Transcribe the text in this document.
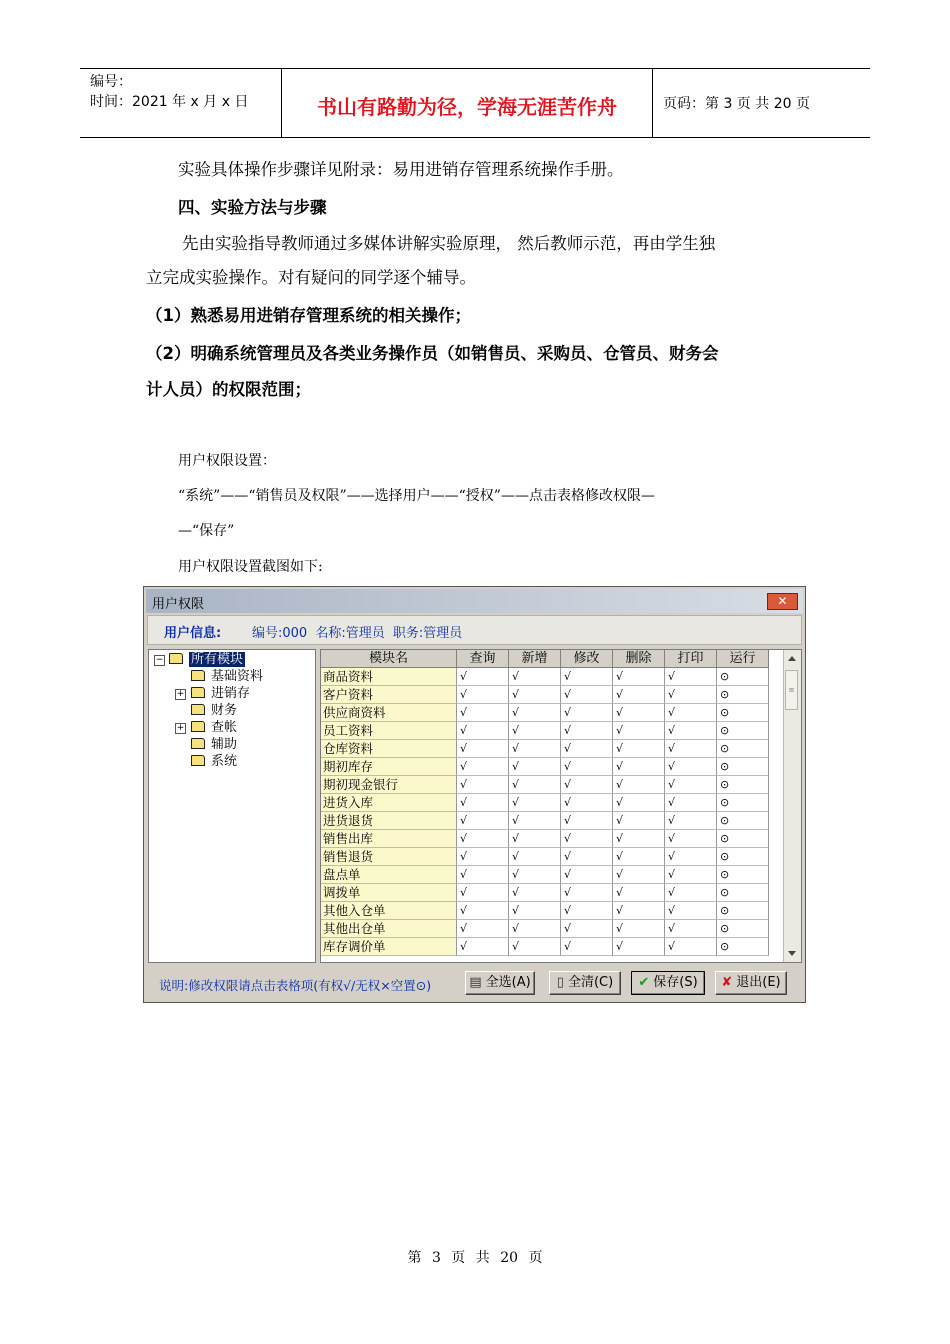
编号：
时间：2021 年 x 月 x 日	书山有路勤为径，学海无涯苦作舟	页码：第 3 页 共 20 页
实验具体操作步骤详见附录：易用进销存管理系统操作手册。
四、实验方法与步骤
先由实验指导教师通过多媒体讲解实验原理， 然后教师示范，再由学生独
立完成实验操作。对有疑问的同学逐个辅导。
（1）熟悉易用进销存管理系统的相关操作；
（2）明确系统管理员及各类业务操作员（如销售员、采购员、仓管员、财务会
计人员）的权限范围；
用户权限设置：
“系统”——“销售员及权限”——选择用户——“授权”——点击表格修改权限—
—“保存”
用户权限设置截图如下:
用户权限	✕
用户信息: 编号:000 名称:管理员 职务:管理员
−	所有模块
基础资料
+	进销存
财务
+	查帐
辅助
系统
模块名	查询	新增	修改	删除	打印	运行
商品资料	√	√	√	√	√	⊙
客户资料	√	√	√	√	√	⊙
供应商资料	√	√	√	√	√	⊙
员工资料	√	√	√	√	√	⊙
仓库资料	√	√	√	√	√	⊙
期初库存	√	√	√	√	√	⊙
期初现金银行	√	√	√	√	√	⊙
进货入库	√	√	√	√	√	⊙
进货退货	√	√	√	√	√	⊙
销售出库	√	√	√	√	√	⊙
销售退货	√	√	√	√	√	⊙
盘点单	√	√	√	√	√	⊙
调拨单	√	√	√	√	√	⊙
其他入仓单	√	√	√	√	√	⊙
其他出仓单	√	√	√	√	√	⊙
库存调价单	√	√	√	√	√	⊙
≡
说明:修改权限请点击表格项(有权√/无权×空置⊙)	▤ 全选(A)	▯ 全清(C)	✔ 保存(S)	✘ 退出(E)
第 3 页 共 20 页
